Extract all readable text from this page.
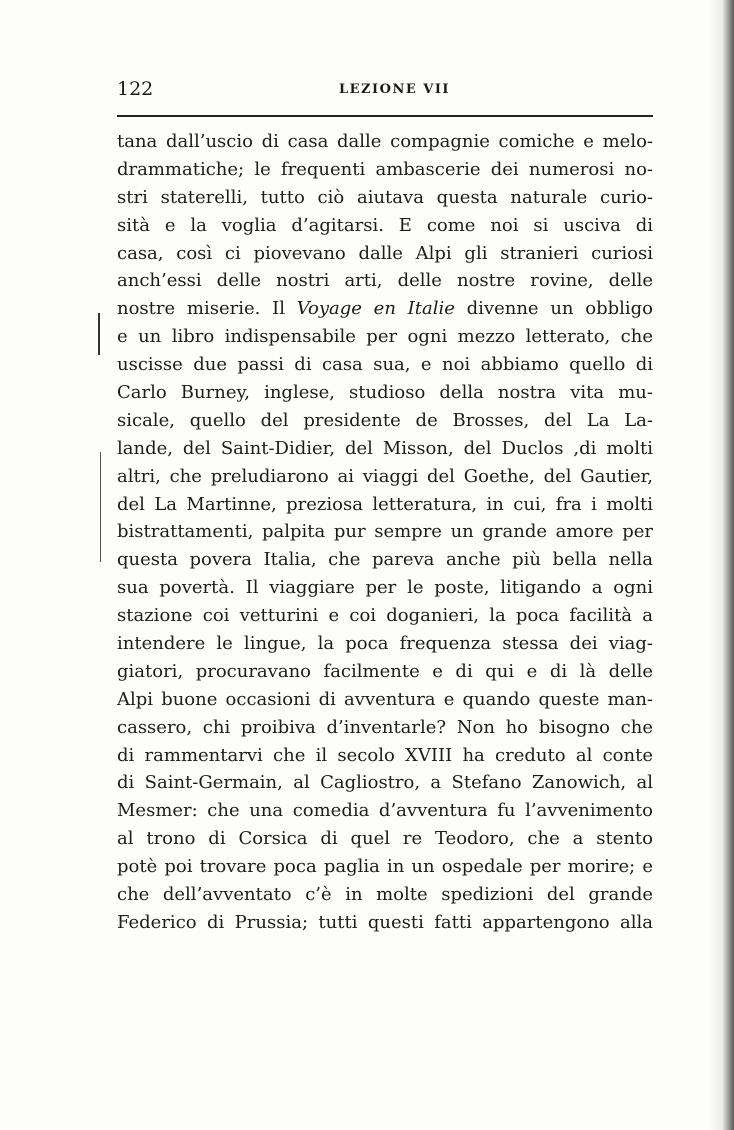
122	LEZIONE VII
tana dall’uscio di casa dalle compagnie comiche e melo-
drammatiche; le frequenti ambascerie dei numerosi no-
stri staterelli, tutto ciò aiutava questa naturale curio-
sità e la voglia d’agitarsi. E come noi si usciva di
casa, così ci piovevano dalle Alpi gli stranieri curiosi
anch’essi delle nostri arti, delle nostre rovine, delle
nostre miserie. Il Voyage en Italie divenne un obbligo
e un libro indispensabile per ogni mezzo letterato, che
uscisse due passi di casa sua, e noi abbiamo quello di
Carlo Burney, inglese, studioso della nostra vita mu-
sicale, quello del presidente de Brosses, del La La-
lande, del Saint-Didier, del Misson, del Duclos ,di molti
altri, che preludiarono ai viaggi del Goethe, del Gautier,
del La Martinne, preziosa letteratura, in cui, fra i molti
bistrattamenti, palpita pur sempre un grande amore per
questa povera Italia, che pareva anche più bella nella
sua povertà. Il viaggiare per le poste, litigando a ogni
stazione coi vetturini e coi doganieri, la poca facilità a
intendere le lingue, la poca frequenza stessa dei viag-
giatori, procuravano facilmente e di qui e di là delle
Alpi buone occasioni di avventura e quando queste man-
cassero, chi proibiva d’inventarle? Non ho bisogno che
di rammentarvi che il secolo XVIII ha creduto al conte
di Saint-Germain, al Cagliostro, a Stefano Zanowich, al
Mesmer: che una comedia d’avventura fu l’avvenimento
al trono di Corsica di quel re Teodoro, che a stento
potè poi trovare poca paglia in un ospedale per morire; e
che dell’avventato c’è in molte spedizioni del grande
Federico di Prussia; tutti questi fatti appartengono alla
